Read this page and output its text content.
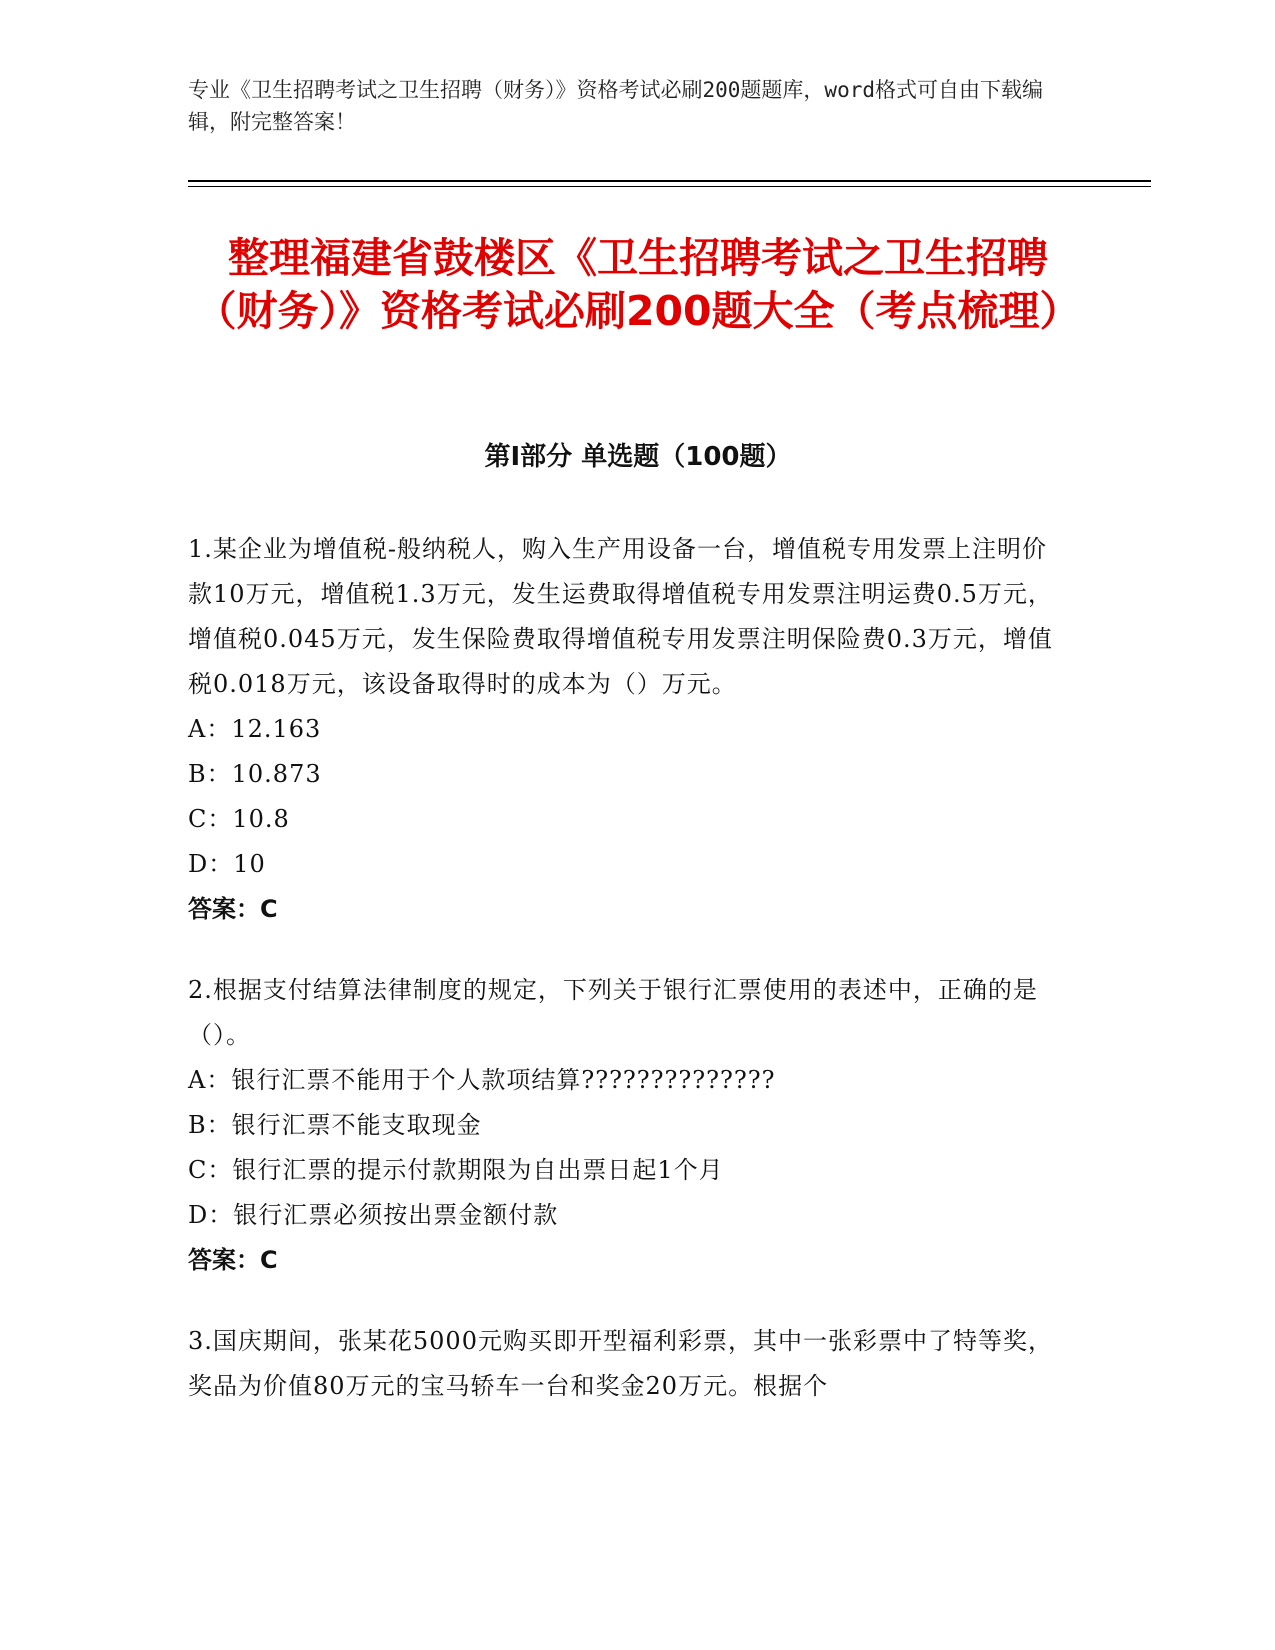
专业《卫生招聘考试之卫生招聘（财务）》资格考试必刷200题题库，word格式可自由下载编辑，附完整答案！
整理福建省鼓楼区《卫生招聘考试之卫生招聘（财务）》资格考试必刷200题大全（考点梳理）
第Ⅰ部分 单选题（100题）

1.某企业为增值税-般纳税人，购入生产用设备一台，增值税专用发票上注明价款10万元，增值税1.3万元，发生运费取得增值税专用发票注明运费0.5万元，增值税0.045万元，发生保险费取得增值税专用发票注明保险费0.3万元，增值税0.018万元，该设备取得时的成本为（）万元。

A：12.163

B：10.873

C：10.8

D：10

答案：C

2.根据支付结算法律制度的规定，下列关于银行汇票使用的表述中，正确的是（）。

A：银行汇票不能用于个人款项结算??????????????

B：银行汇票不能支取现金

C：银行汇票的提示付款期限为自出票日起1个月

D：银行汇票必须按出票金额付款

答案：C

3.国庆期间，张某花5000元购买即开型福利彩票，其中一张彩票中了特等奖，奖品为价值80万元的宝马轿车一台和奖金20万元。根据个
